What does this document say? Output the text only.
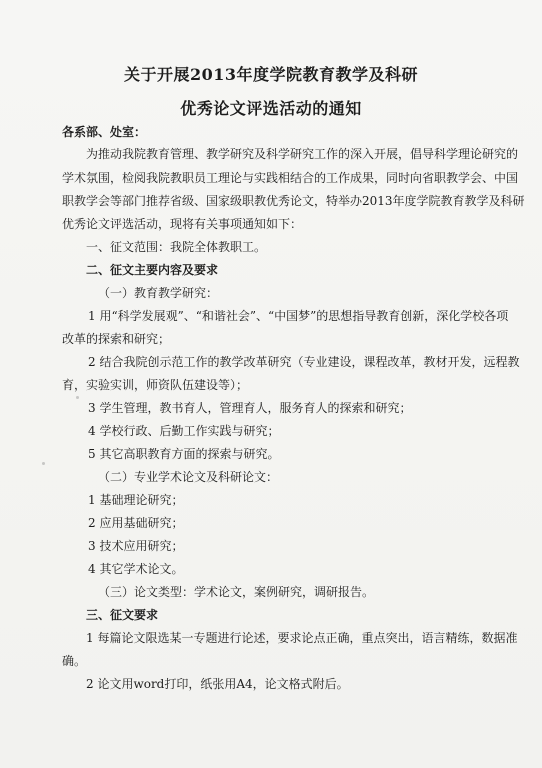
关于开展2013年度学院教育教学及科研
优秀论文评选活动的通知
各系部、处室：
为推动我院教育管理、教学研究及科学研究工作的深入开展，倡导科学理论研究的
学术氛围，检阅我院教职员工理论与实践相结合的工作成果，同时向省职教学会、中国
职教学会等部门推荐省级、国家级职教优秀论文，特举办2013年度学院教育教学及科研
优秀论文评选活动，现将有关事项通知如下：
一、征文范围：我院全体教职工。
二、征文主要内容及要求
（一）教育教学研究：
1 用“科学发展观”、“和谐社会”、“中国梦”的思想指导教育创新，深化学校各项
改革的探索和研究；
2 结合我院创示范工作的教学改革研究（专业建设，课程改革，教材开发，远程教
育，实验实训，师资队伍建设等）；
3 学生管理，教书育人，管理育人，服务育人的探索和研究；
4 学校行政、后勤工作实践与研究；
5 其它高职教育方面的探索与研究。
（二）专业学术论文及科研论文：
1 基础理论研究；
2 应用基础研究；
3 技术应用研究；
4 其它学术论文。
（三）论文类型：学术论文，案例研究，调研报告。
三、征文要求
1 每篇论文限选某一专题进行论述，要求论点正确，重点突出，语言精练，数据准
确。
2 论文用word打印，纸张用A4，论文格式附后。
